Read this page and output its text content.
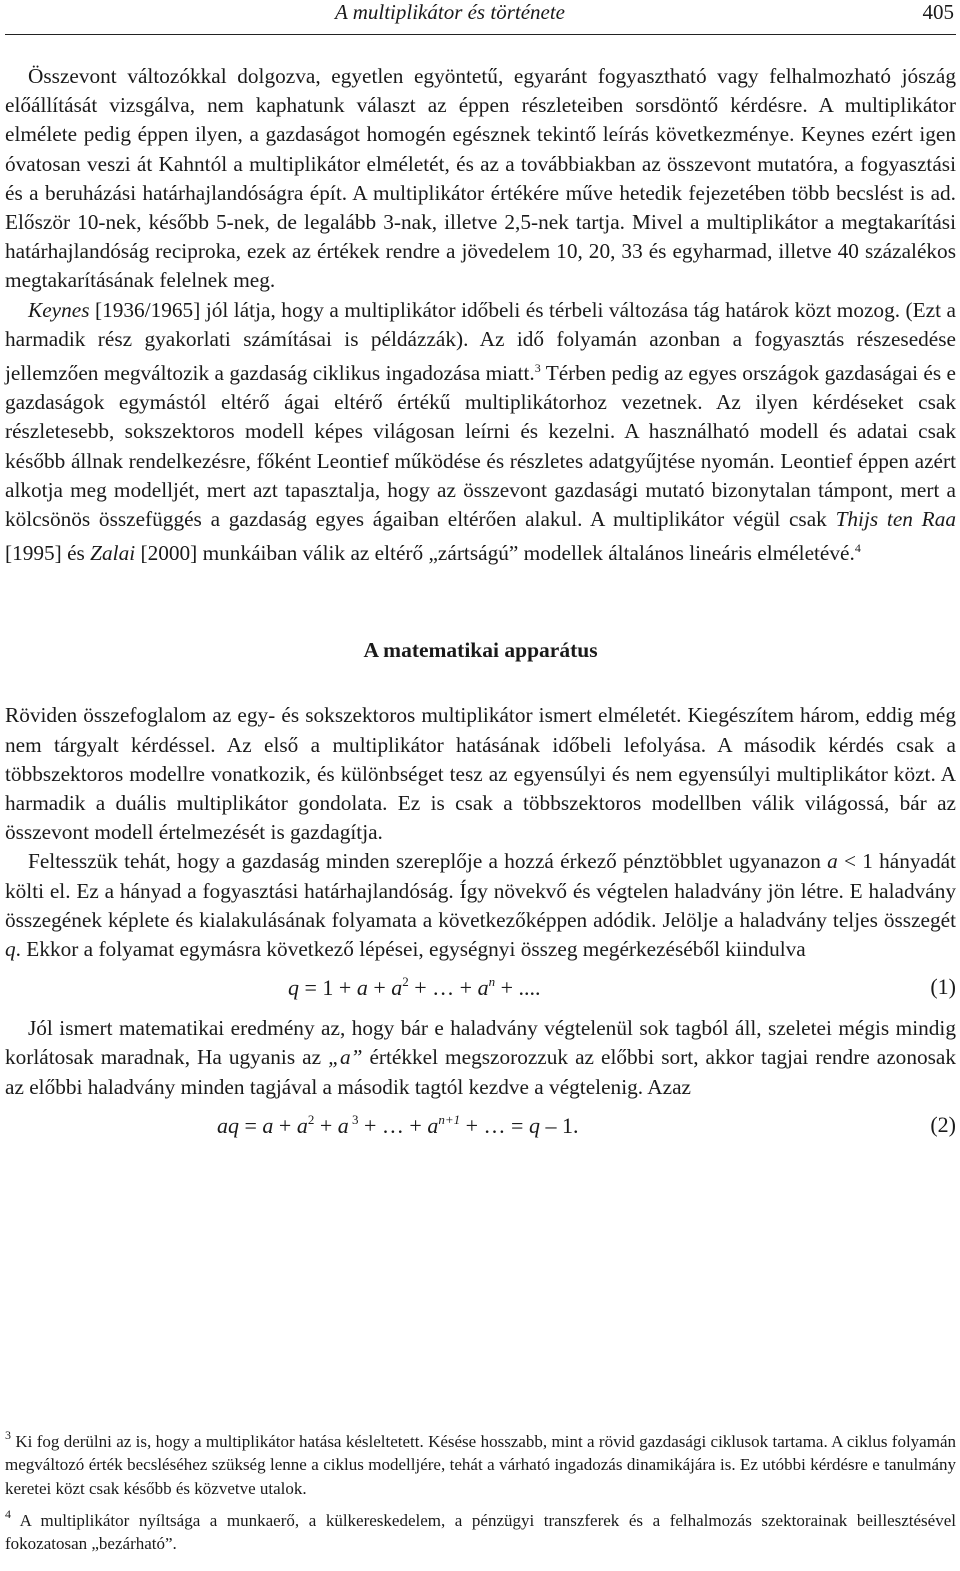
A multiplikátor és története	405

Összevont változókkal dolgozva, egyetlen egyöntetű, egyaránt fogyasztható vagy felhalmozható jószág előállítását vizsgálva, nem kaphatunk választ az éppen részleteiben sorsdöntő kérdésre. A multiplikátor elmélete pedig éppen ilyen, a gazdaságot homogén egésznek tekintő leírás következménye. Keynes ezért igen óvatosan veszi át Kahntól a multiplikátor elméletét, és az a továbbiakban az összevont mutatóra, a fogyasztási és a beruházási határhajlandóságra épít. A multiplikátor értékére műve hetedik fejezetében több becslést is ad. Először 10-nek, később 5-nek, de legalább 3-nak, illetve 2,5-nek tartja. Mivel a multiplikátor a megtakarítási határhajlandóság reciproka, ezek az értékek rendre a jövedelem 10, 20, 33 és egyharmad, illetve 40 százalékos megtakarításának felelnek meg.

Keynes [1936/1965] jól látja, hogy a multiplikátor időbeli és térbeli változása tág határok közt mozog. (Ezt a harmadik rész gyakorlati számításai is példázzák). Az idő folyamán azonban a fogyasztás részesedése jellemzően megváltozik a gazdaság ciklikus ingadozása miatt.$^3$ Térben pedig az egyes országok gazdaságai és e gazdaságok egymástól eltérő ágai eltérő értékű multiplikátorhoz vezetnek. Az ilyen kérdéseket csak részletesebb, sokszektoros modell képes világosan leírni és kezelni. A használható modell és adatai csak később állnak rendelkezésre, főként Leontief működése és részletes adatgyűjtése nyomán. Leontief éppen azért alkotja meg modelljét, mert azt tapasztalja, hogy az összevont gazdasági mutató bizonytalan támpont, mert a kölcsönös összefüggés a gazdaság egyes ágaiban eltérően alakul. A multiplikátor végül csak Thijs ten Raa [1995] és Zalai [2000] munkáiban válik az eltérő „zártságú” modellek általános lineáris elméletévé.$^4$

A matematikai apparátus

Röviden összefoglalom az egy- és sokszektoros multiplikátor ismert elméletét. Kiegészítem három, eddig még nem tárgyalt kérdéssel. Az első a multiplikátor hatásának időbeli lefolyása. A második kérdés csak a többszektoros modellre vonatkozik, és különbséget tesz az egyensúlyi és nem egyensúlyi multiplikátor közt. A harmadik a duális multiplikátor gondolata. Ez is csak a többszektoros modellben válik világossá, bár az összevont modell értelmezését is gazdagítja.

Feltesszük tehát, hogy a gazdaság minden szereplője a hozzá érkező pénztöbblet ugyanazon a < 1 hányadát költi el. Ez a hányad a fogyasztási határhajlandóság. Így növekvő és végtelen haladvány jön létre. E haladvány összegének képlete és kialakulásának folyamata a következőképpen adódik. Jelölje a haladvány teljes összegét q. Ekkor a folyamat egymásra következő lépései, egységnyi összeg megérkezéséből kiindulva

$q = 1 + a + a^2$ + … + $a^n$ + ....	(1)

Jól ismert matematikai eredmény az, hogy bár e haladvány végtelenül sok tagból áll, szeletei mégis mindig korlátosak maradnak, Ha ugyanis az „a” értékkel megszorozzuk az előbbi sort, akkor tagjai rendre azonosak az előbbi haladvány minden tagjával a második tagtól kezdve a végtelenig. Azaz

aq = $a + a^2 + a$ $^3$ + … + $a^{n+1}$ + … = q – 1.	(2)

$^3$ Ki fog derülni az is, hogy a multiplikátor hatása késleltetett. Késése hosszabb, mint a rövid gazdasági ciklusok tartama. A ciklus folyamán megváltozó érték becsléséhez szükség lenne a ciklus modelljére, tehát a várható ingadozás dinamikájára is. Ez utóbbi kérdésre e tanulmány keretei közt csak később és közvetve utalok.

$^4$ A multiplikátor nyíltsága a munkaerő, a külkereskedelem, a pénzügyi transzferek és a felhalmozás szektorainak beillesztésével fokozatosan „bezárható”.
